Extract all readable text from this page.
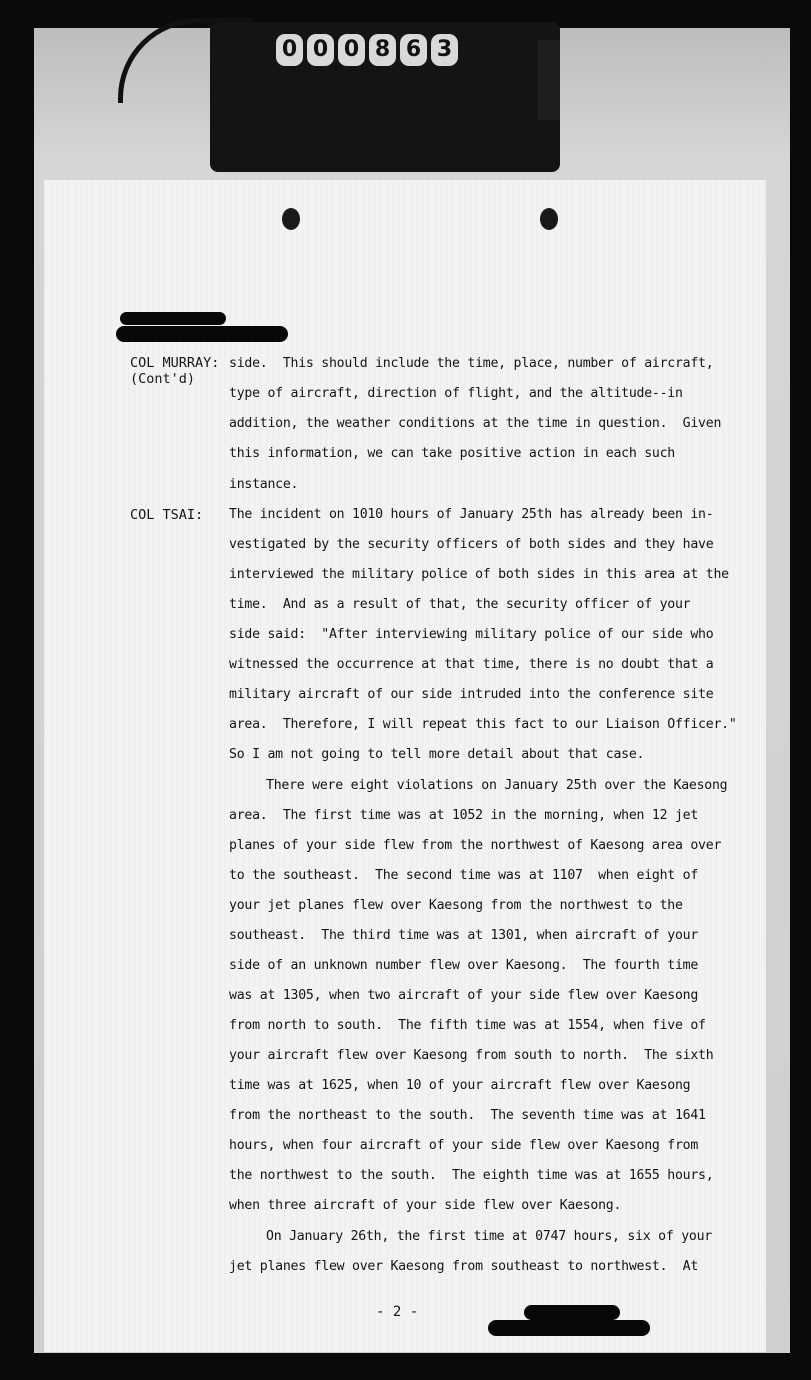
0 0 0 8 6 3
COL MURRAY:
(Cont'd)
side.  This should include the time, place, number of aircraft,
type of aircraft, direction of flight, and the altitude--in
addition, the weather conditions at the time in question.  Given
this information, we can take positive action in each such
instance.
COL TSAI: The incident on 1010 hours of January 25th has already been in-
vestigated by the security officers of both sides and they have
interviewed the military police of both sides in this area at the
time.  And as a result of that, the security officer of your
side said:  "After interviewing military police of our side who
witnessed the occurrence at that time, there is no doubt that a
military aircraft of our side intruded into the conference site
area.  Therefore, I will repeat this fact to our Liaison Officer."
So I am not going to tell more detail about that case.
There were eight violations on January 25th over the Kaesong
area.  The first time was at 1052 in the morning, when 12 jet
planes of your side flew from the northwest of Kaesong area over
to the southeast.  The second time was at 1107  when eight of
your jet planes flew over Kaesong from the northwest to the
southeast.  The third time was at 1301, when aircraft of your
side of an unknown number flew over Kaesong.  The fourth time
was at 1305, when two aircraft of your side flew over Kaesong
from north to south.  The fifth time was at 1554, when five of
your aircraft flew over Kaesong from south to north.  The sixth
time was at 1625, when 10 of your aircraft flew over Kaesong
from the northeast to the south.  The seventh time was at 1641
hours, when four aircraft of your side flew over Kaesong from
the northwest to the south.  The eighth time was at 1655 hours,
when three aircraft of your side flew over Kaesong.
On January 26th, the first time at 0747 hours, six of your
jet planes flew over Kaesong from southeast to northwest.  At
- 2 -
